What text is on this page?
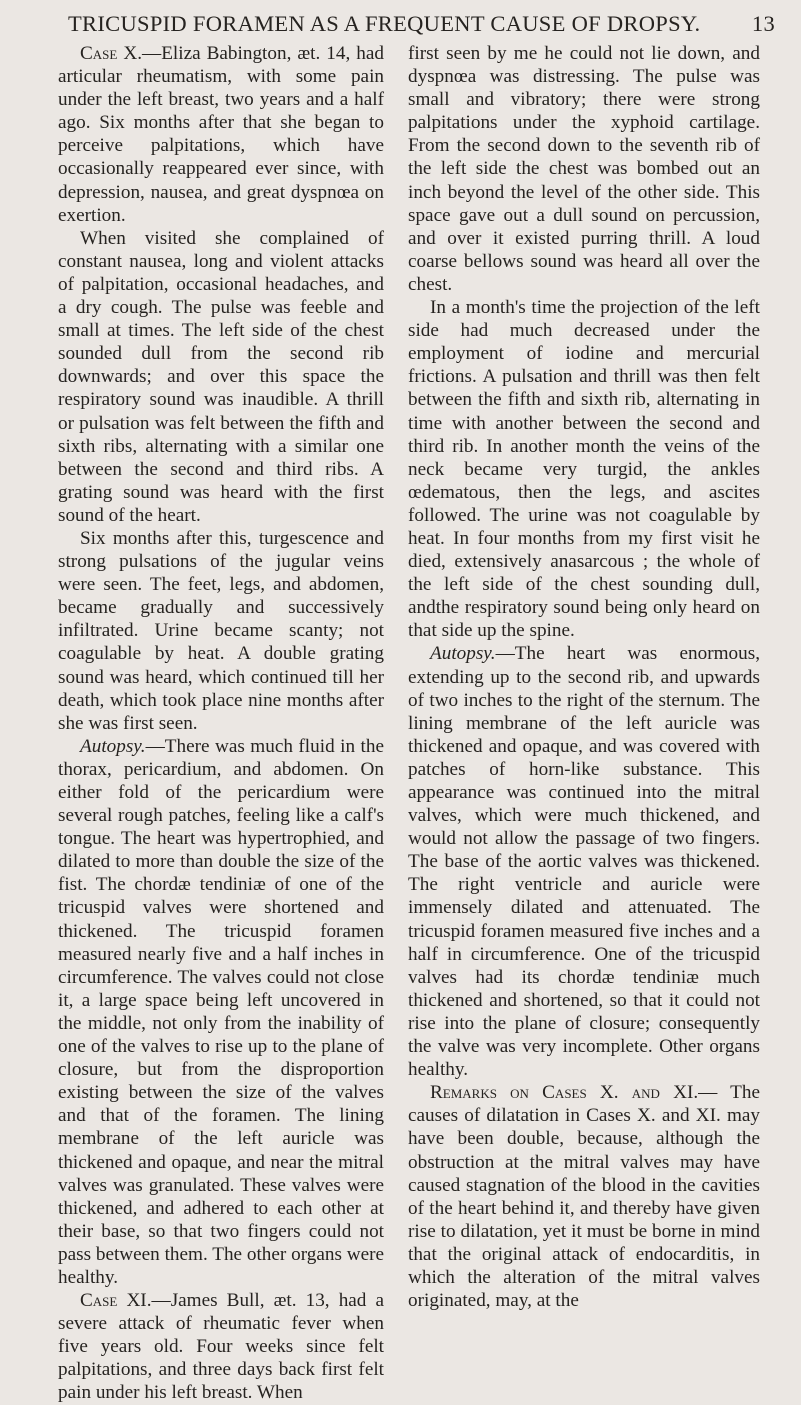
TRICUSPID FORAMEN AS A FREQUENT CAUSE OF DROPSY. 13

Case X.—Eliza Babington, æt. 14, had articular rheumatism, with some pain under the left breast, two years and a half ago. Six months after that she began to perceive palpitations, which have occasionally reappeared ever since, with depression, nausea, and great dyspnœa on exertion.

When visited she complained of constant nausea, long and violent attacks of palpitation, occasional headaches, and a dry cough. The pulse was feeble and small at times. The left side of the chest sounded dull from the second rib downwards; and over this space the respiratory sound was inaudible. A thrill or pulsation was felt between the fifth and sixth ribs, alternating with a similar one between the second and third ribs. A grating sound was heard with the first sound of the heart.

Six months after this, turgescence and strong pulsations of the jugular veins were seen. The feet, legs, and abdomen, became gradually and successively infiltrated. Urine became scanty; not coagulable by heat. A double grating sound was heard, which continued till her death, which took place nine months after she was first seen.

Autopsy.—There was much fluid in the thorax, pericardium, and abdomen. On either fold of the pericardium were several rough patches, feeling like a calf's tongue. The heart was hypertrophied, and dilated to more than double the size of the fist. The chordæ tendiniæ of one of the tricuspid valves were shortened and thickened. The tricuspid foramen measured nearly five and a half inches in circumference. The valves could not close it, a large space being left uncovered in the middle, not only from the inability of one of the valves to rise up to the plane of closure, but from the disproportion existing between the size of the valves and that of the foramen. The lining membrane of the left auricle was thickened and opaque, and near the mitral valves was granulated. These valves were thickened, and adhered to each other at their base, so that two fingers could not pass between them. The other organs were healthy.

Case XI.—James Bull, æt. 13, had a severe attack of rheumatic fever when five years old. Four weeks since felt palpitations, and three days back first felt pain under his left breast. When

first seen by me he could not lie down, and dyspnœa was distressing. The pulse was small and vibratory; there were strong palpitations under the xyphoid cartilage. From the second down to the seventh rib of the left side the chest was bombed out an inch beyond the level of the other side. This space gave out a dull sound on percussion, and over it existed purring thrill. A loud coarse bellows sound was heard all over the chest.

In a month's time the projection of the left side had much decreased under the employment of iodine and mercurial frictions. A pulsation and thrill was then felt between the fifth and sixth rib, alternating in time with another between the second and third rib. In another month the veins of the neck became very turgid, the ankles œdematous, then the legs, and ascites followed. The urine was not coagulable by heat. In four months from my first visit he died, extensively anasarcous ; the whole of the left side of the chest sounding dull, andthe respiratory sound being only heard on that side up the spine.

Autopsy.—The heart was enormous, extending up to the second rib, and upwards of two inches to the right of the sternum. The lining membrane of the left auricle was thickened and opaque, and was covered with patches of horn-like substance. This appearance was continued into the mitral valves, which were much thickened, and would not allow the passage of two fingers. The base of the aortic valves was thickened. The right ventricle and auricle were immensely dilated and attenuated. The tricuspid foramen measured five inches and a half in circumference. One of the tricuspid valves had its chordæ tendiniæ much thickened and shortened, so that it could not rise into the plane of closure; consequently the valve was very incomplete. Other organs healthy.

Remarks on Cases X. and XI.— The causes of dilatation in Cases X. and XI. may have been double, because, although the obstruction at the mitral valves may have caused stagnation of the blood in the cavities of the heart behind it, and thereby have given rise to dilatation, yet it must be borne in mind that the original attack of endocarditis, in which the alteration of the mitral valves originated, may, at the
